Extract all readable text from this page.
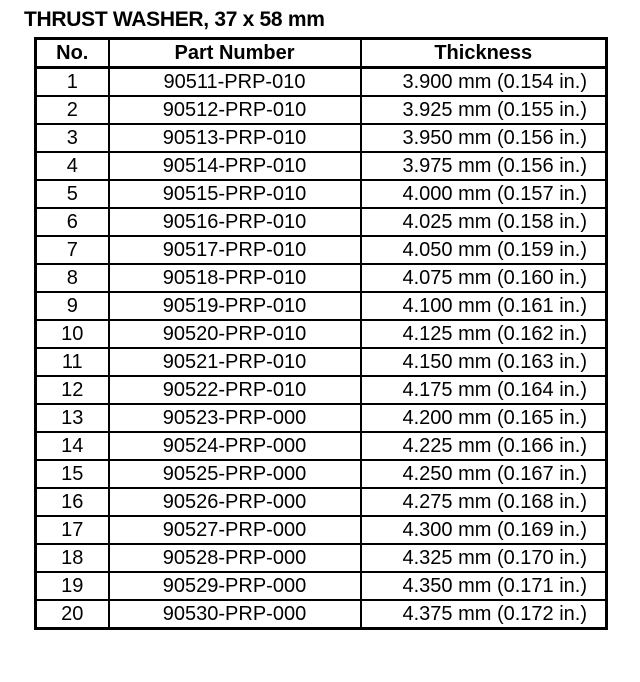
THRUST WASHER, 37 x 58 mm
No.	Part Number	Thickness
1	90511-PRP-010	3.900 mm (0.154 in.)
2	90512-PRP-010	3.925 mm (0.155 in.)
3	90513-PRP-010	3.950 mm (0.156 in.)
4	90514-PRP-010	3.975 mm (0.156 in.)
5	90515-PRP-010	4.000 mm (0.157 in.)
6	90516-PRP-010	4.025 mm (0.158 in.)
7	90517-PRP-010	4.050 mm (0.159 in.)
8	90518-PRP-010	4.075 mm (0.160 in.)
9	90519-PRP-010	4.100 mm (0.161 in.)
10	90520-PRP-010	4.125 mm (0.162 in.)
11	90521-PRP-010	4.150 mm (0.163 in.)
12	90522-PRP-010	4.175 mm (0.164 in.)
13	90523-PRP-000	4.200 mm (0.165 in.)
14	90524-PRP-000	4.225 mm (0.166 in.)
15	90525-PRP-000	4.250 mm (0.167 in.)
16	90526-PRP-000	4.275 mm (0.168 in.)
17	90527-PRP-000	4.300 mm (0.169 in.)
18	90528-PRP-000	4.325 mm (0.170 in.)
19	90529-PRP-000	4.350 mm (0.171 in.)
20	90530-PRP-000	4.375 mm (0.172 in.)
